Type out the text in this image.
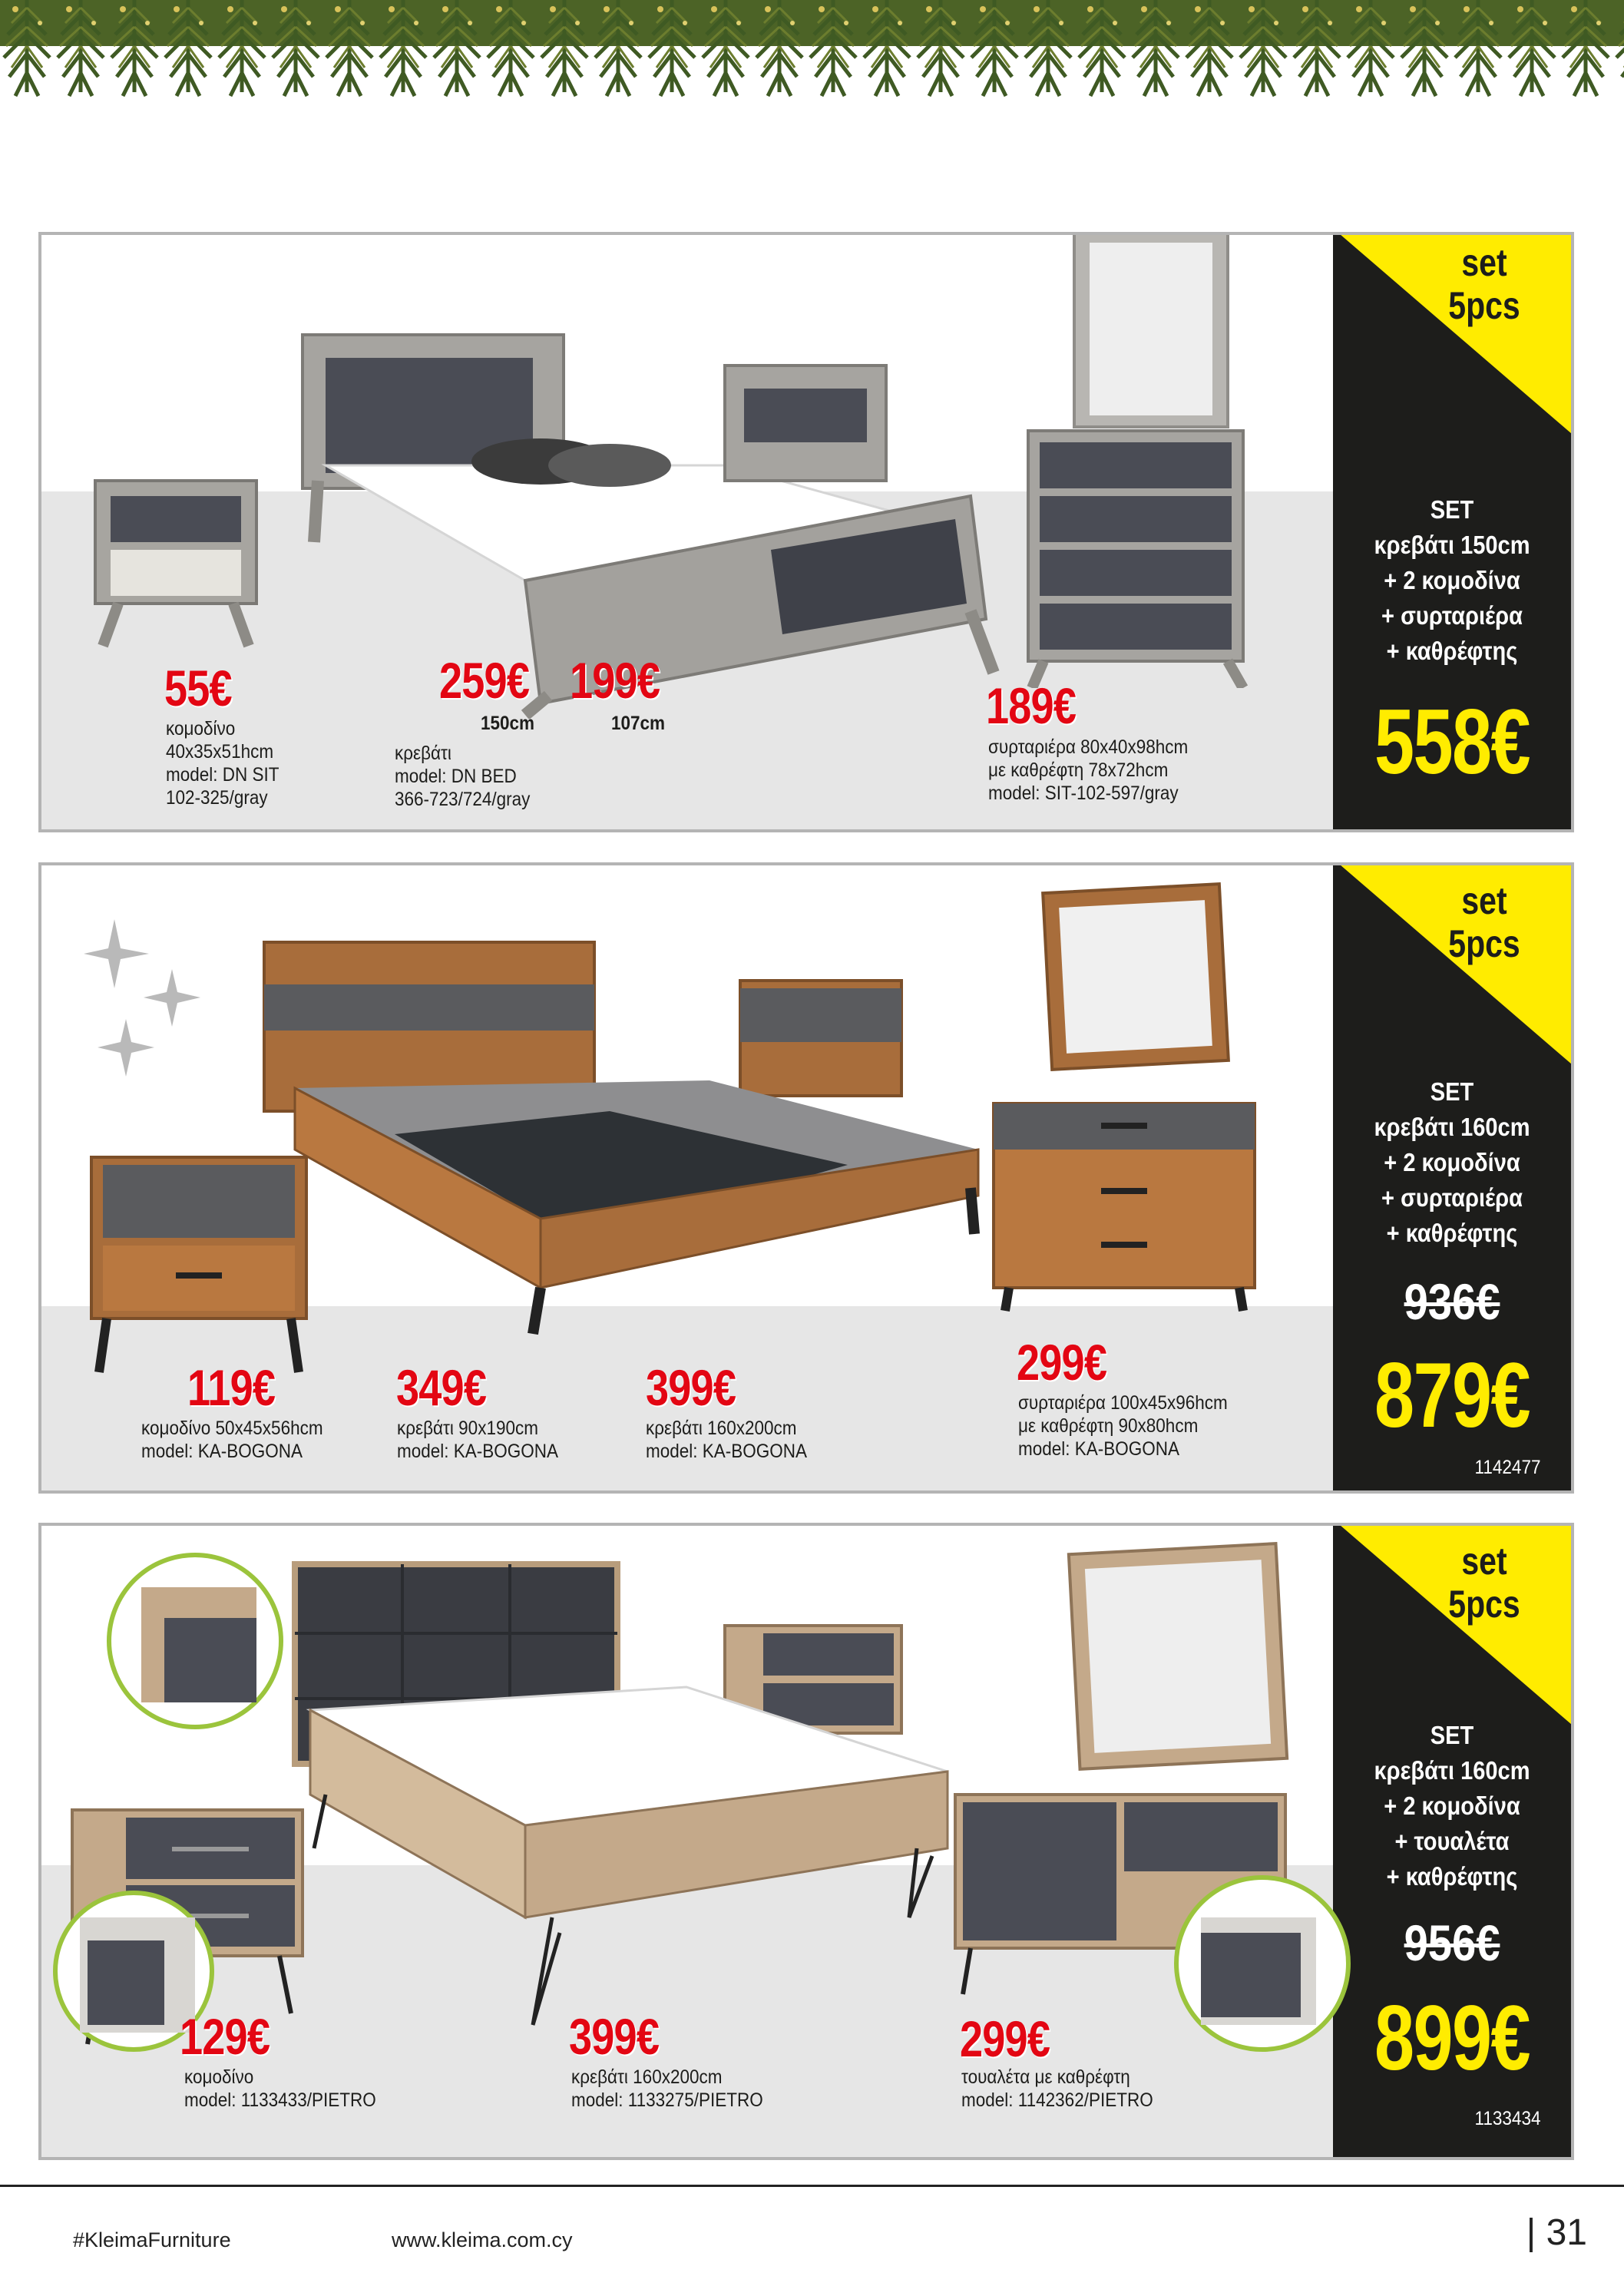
set
5pcs
55€
κομοδίνο
40x35x51hcm
model: DN SIT
102-325/gray
259€
150cm
κρεβάτι
model: DN BED
366-723/724/gray
199€
107cm	189€
συρταριέρα 80x40x98hcm
με καθρέφτη 78x72hcm
model: SIT-102-597/gray
SET
κρεβάτι 150cm
+ 2 κομοδίνα
+ συρταριέρα
+ καθρέφτης
558€
set
5pcs
119€
κομοδίνο 50x45x56hcm
model: KA-BOGONA
349€
κρεβάτι 90x190cm
model: KA-BOGONA
399€
κρεβάτι 160x200cm
model: KA-BOGONA
299€
συρταριέρα 100x45x96hcm
με καθρέφτη 90x80hcm
model: KA-BOGONA
SET
κρεβάτι 160cm
+ 2 κομοδίνα
+ συρταριέρα
+ καθρέφτης
936€
879€
1142477
set
5pcs
129€
κομοδίνο
model: 1133433/PIETRO
399€
κρεβάτι 160x200cm
model: 1133275/PIETRO
299€
τουαλέτα με καθρέφτη
model: 1142362/PIETRO
SET
κρεβάτι 160cm
+ 2 κομοδίνα
+ τουαλέτα
+ καθρέφτης
956€
899€
1133434
#KleimaFurniture	www.kleima.com.cy	| 31
